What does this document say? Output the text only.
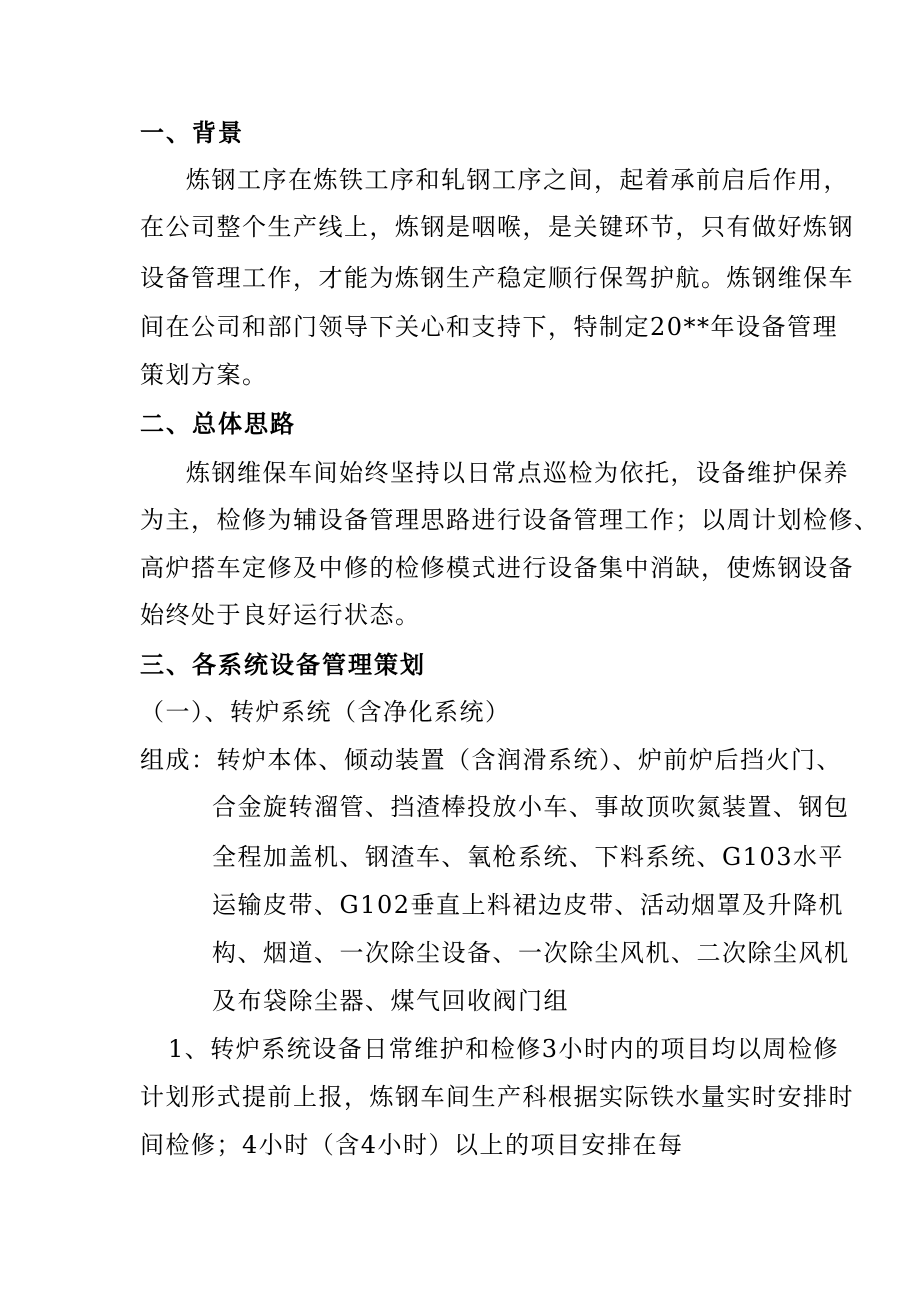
一、背景
炼钢工序在炼铁工序和轧钢工序之间，起着承前启后作用，
在公司整个生产线上，炼钢是咽喉，是关键环节，只有做好炼钢
设备管理工作，才能为炼钢生产稳定顺行保驾护航。炼钢维保车
间在公司和部门领导下关心和支持下，特制定20**年设备管理
策划方案。
二、总体思路
炼钢维保车间始终坚持以日常点巡检为依托，设备维护保养
为主，检修为辅设备管理思路进行设备管理工作；以周计划检修、
高炉搭车定修及中修的检修模式进行设备集中消缺，使炼钢设备
始终处于良好运行状态。
三、各系统设备管理策划
（一）、转炉系统（含净化系统）
组成：转炉本体、倾动装置（含润滑系统）、炉前炉后挡火门、
合金旋转溜管、挡渣棒投放小车、事故顶吹氮装置、钢包
全程加盖机、钢渣车、氧枪系统、下料系统、G103水平
运输皮带、G102垂直上料裙边皮带、活动烟罩及升降机
构、烟道、一次除尘设备、一次除尘风机、二次除尘风机
及布袋除尘器、煤气回收阀门组
1、转炉系统设备日常维护和检修3小时内的项目均以周检修
计划形式提前上报，炼钢车间生产科根据实际铁水量实时安排时
间检修；4小时（含4小时）以上的项目安排在每
